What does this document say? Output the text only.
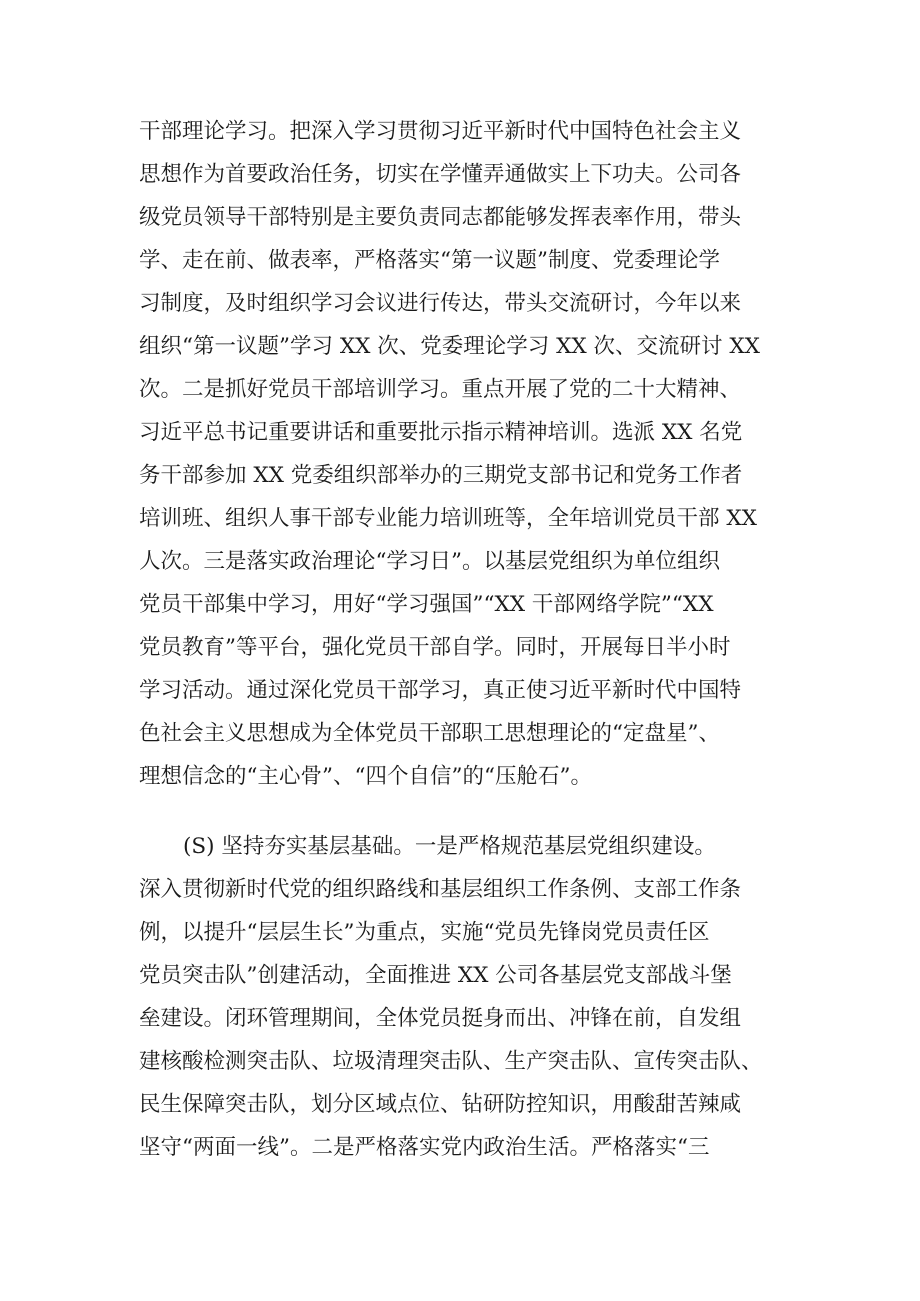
干部理论学习。把深入学习贯彻习近平新时代中国特色社会主义
思想作为首要政治任务，切实在学懂弄通做实上下功夫。公司各
级党员领导干部特别是主要负责同志都能够发挥表率作用，带头
学、走在前、做表率，严格落实“第一议题”制度、党委理论学
习制度，及时组织学习会议进行传达，带头交流研讨，今年以来
组织“第一议题”学习 XX 次、党委理论学习 XX 次、交流研讨 XX
次。二是抓好党员干部培训学习。重点开展了党的二十大精神、
习近平总书记重要讲话和重要批示指示精神培训。选派 XX 名党
务干部参加 XX 党委组织部举办的三期党支部书记和党务工作者
培训班、组织人事干部专业能力培训班等，全年培训党员干部 XX
人次。三是落实政治理论“学习日”。以基层党组织为单位组织
党员干部集中学习，用好“学习强国”“XX 干部网络学院”“XX
党员教育”等平台，强化党员干部自学。同时，开展每日半小时
学习活动。通过深化党员干部学习，真正使习近平新时代中国特
色社会主义思想成为全体党员干部职工思想理论的“定盘星”、
理想信念的“主心骨”、“四个自信”的“压舱石”。
(S) 坚持夯实基层基础。一是严格规范基层党组织建设。
深入贯彻新时代党的组织路线和基层组织工作条例、支部工作条
例，以提升“层层生长”为重点，实施“党员先锋岗党员责任区
党员突击队”创建活动，全面推进 XX 公司各基层党支部战斗堡
垒建设。闭环管理期间，全体党员挺身而出、冲锋在前，自发组
建核酸检测突击队、垃圾清理突击队、生产突击队、宣传突击队、
民生保障突击队，划分区域点位、钻研防控知识，用酸甜苦辣咸
坚守“两面一线”。二是严格落实党内政治生活。严格落实“三
